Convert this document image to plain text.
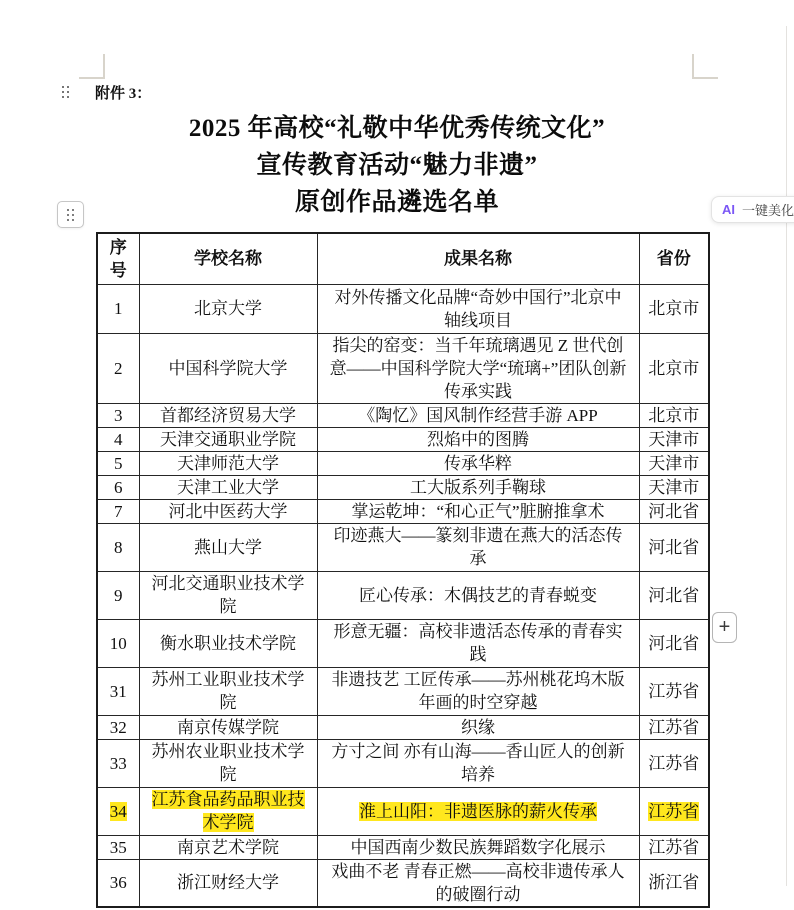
附件 3：
2025 年高校“礼敬中华优秀传统文化”
宣传教育活动“魅力非遗”
原创作品遴选名单	AI 一键美化
+
序号	学校名称	成果名称	省份
1	北京大学	对外传播文化品牌“奇妙中国行”北京中轴线项目	北京市
2	中国科学院大学	指尖的窑变：当千年琉璃遇见 Z 世代创意——中国科学院大学“琉璃+”团队创新传承实践	北京市
3	首都经济贸易大学	《陶忆》国风制作经营手游 APP	北京市
4	天津交通职业学院	烈焰中的图腾	天津市
5	天津师范大学	传承华粹	天津市
6	天津工业大学	工大版系列手鞠球	天津市
7	河北中医药大学	掌运乾坤：“和心正气”脏腑推拿术	河北省
8	燕山大学	印迹燕大——篆刻非遗在燕大的活态传承	河北省
9	河北交通职业技术学院	匠心传承：木偶技艺的青春蜕变	河北省
10	衡水职业技术学院	形意无疆：高校非遗活态传承的青春实践	河北省
31	苏州工业职业技术学院	非遗技艺 工匠传承——苏州桃花坞木版年画的时空穿越	江苏省
32	南京传媒学院	织缘	江苏省
33	苏州农业职业技术学院	方寸之间 亦有山海——香山匠人的创新培养	江苏省
34	江苏食品药品职业技术学院	淮上山阳：非遗医脉的薪火传承	江苏省
35	南京艺术学院	中国西南少数民族舞蹈数字化展示	江苏省
36	浙江财经大学	戏曲不老 青春正燃——高校非遗传承人的破圈行动	浙江省
